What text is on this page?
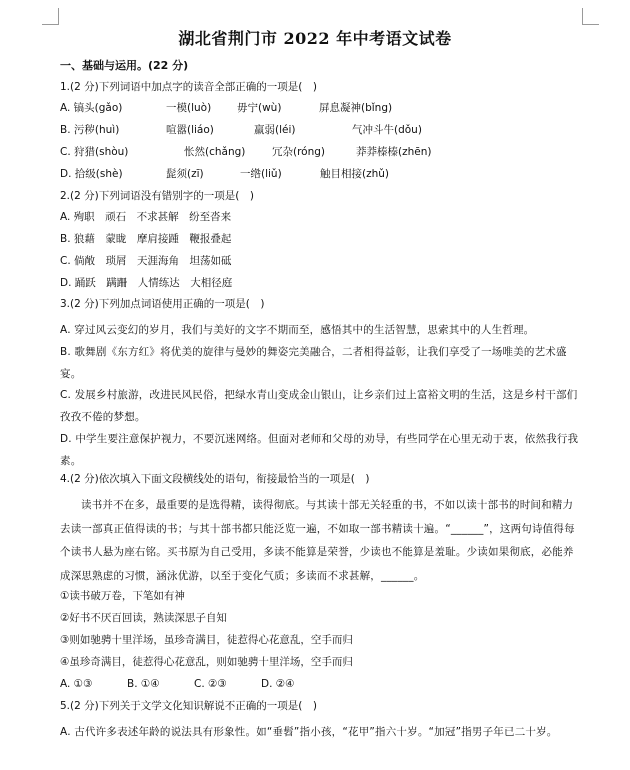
湖北省荆门市 2022 年中考语文试卷
一、基础与运用。(22 分)
1.(2 分)下列词语中加点字的读音全部正确的一项是(　)
A. 镐头(gǎo)	一模(luò) 毋宁(wù)	屏息凝神(bǐng)
B. 污秽(huì)	喧嚣(liáo)	羸弱(léi)	气冲斗牛(dǒu)
C. 狩猎(shòu)	怅然(chǎng)	冗杂(róng)	莽莽榛榛(zhēn)
D. 拾级(shè)	髭须(zī)	一绺(liǔ)	触目相接(zhǔ)
2.(2 分)下列词语没有错别字的一项是(　)
A. 殉职　顽石　不求甚解　纷至沓来
B. 狼藉　蒙眬　摩肩接踵　鞭报叠起
C. 倘敞　琐屑　天涯海角　坦荡如砥
D. 踊跃　蹒跚　人情练达　大相径庭
3.(2 分)下列加点词语使用正确的一项是(　)
A. 穿过风云变幻的岁月，我们与美好的文字不期而至，感悟其中的生活智慧，思索其中的人生哲理。
B. 歌舞剧《东方红》将优美的旋律与曼妙的舞姿完美融合，二者相得益彰，让我们享受了一场唯美的艺术盛宴。
C. 发展乡村旅游，改进民风民俗，把绿水青山变成金山银山，让乡亲们过上富裕文明的生活，这是乡村干部们孜孜不倦的梦想。
D. 中学生要注意保护视力，不要沉迷网络。但面对老师和父母的劝导，有些同学在心里无动于衷，依然我行我素。
4.(2 分)依次填入下面文段横线处的语句，衔接最恰当的一项是(　)
读书并不在多，最重要的是选得精，读得彻底。与其读十部无关轻重的书，不如以读十部书的时间和精力去读一部真正值得读的书；与其十部书都只能泛览一遍，不如取一部书精读十遍。“______”，这两句诗值得每个读书人悬为座右铭。买书原为自己受用，多读不能算是荣誉，少读也不能算是羞耻。少读如果彻底，必能养成深思熟虑的习惯，涵泳优游，以至于变化气质；多读而不求甚解，______。
①读书破万卷，下笔如有神
②好书不厌百回读，熟读深思子自知
③则如驰骋十里洋场，虽珍奇满目，徒惹得心花意乱，空手而归
④虽珍奇满目，徒惹得心花意乱，则如驰骋十里洋场，空手而归
A. ①③	B. ①④	C. ②③	D. ②④
5.(2 分)下列关于文学文化知识解说不正确的一项是(　)
A. 古代许多表述年龄的说法具有形象性。如“垂髫”指小孩，“花甲”指六十岁。“加冠”指男子年已二十岁。
